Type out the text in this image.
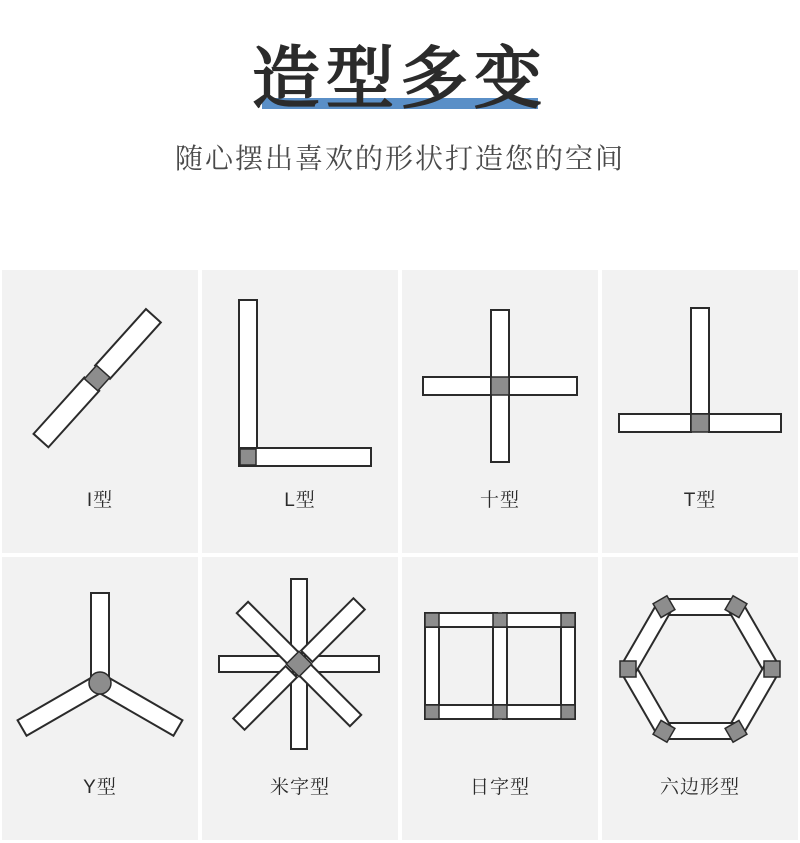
造型多变
随心摆出喜欢的形状打造您的空间
I型	L型	十型	T型
Y型	米字型	日字型	六边形型
